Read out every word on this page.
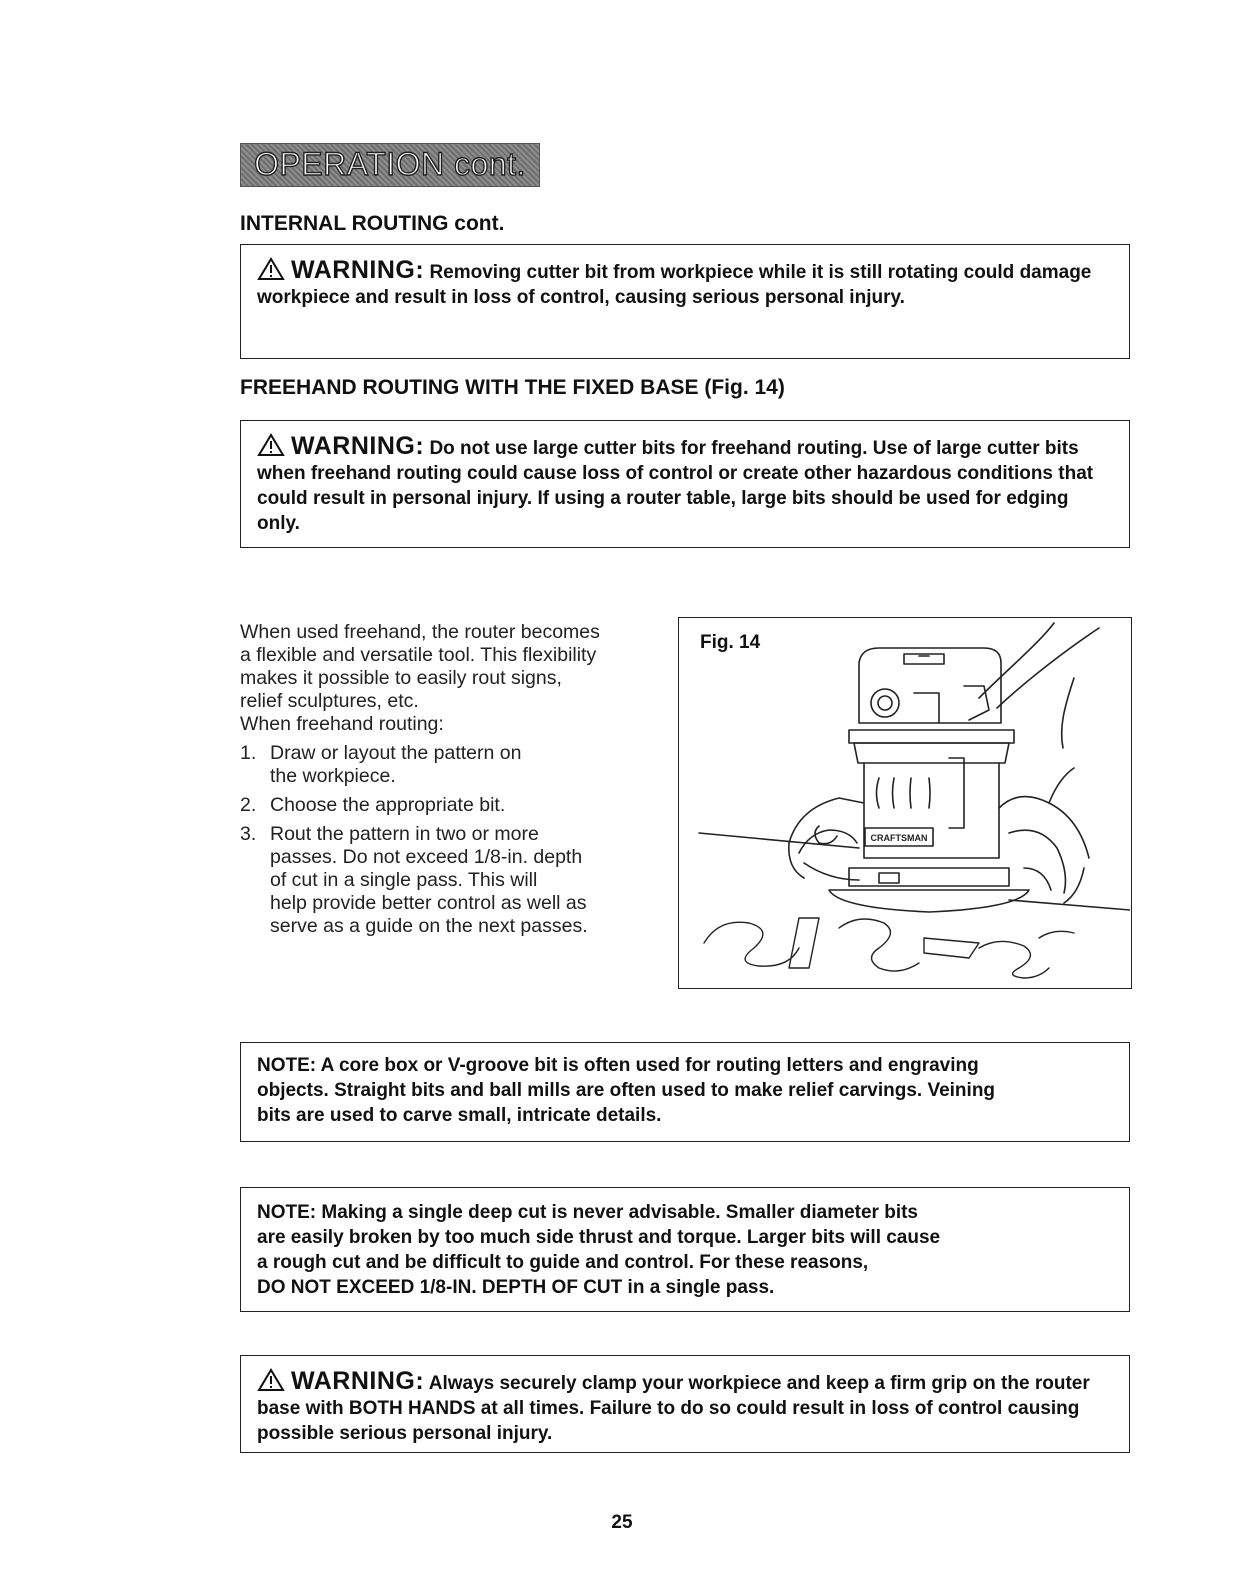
OPERATION cont.
INTERNAL ROUTING cont.
WARNING: Removing cutter bit from workpiece while it is still rotating could damage workpiece and result in loss of control, causing serious personal injury.
FREEHAND ROUTING WITH THE FIXED BASE (Fig. 14)
WARNING: Do not use large cutter bits for freehand routing. Use of large cutter bits when freehand routing could cause loss of control or create other hazardous conditions that could result in personal injury. If using a router table, large bits should be used for edging only.
When used freehand, the router becomes
a flexible and versatile tool. This flexibility
makes it possible to easily rout signs,
relief sculptures, etc.
When freehand routing:
1. Draw or layout the pattern on
the workpiece.
2. Choose the appropriate bit.
3. Rout the pattern in two or more
passes. Do not exceed 1/8-in. depth
of cut in a single pass. This will
help provide better control as well as
serve as a guide on the next passes.
Fig. 14
CRAFTSMAN
SIGNS
NOTE: A core box or V-groove bit is often used for routing letters and engraving
objects. Straight bits and ball mills are often used to make relief carvings. Veining
bits are used to carve small, intricate details.
NOTE: Making a single deep cut is never advisable. Smaller diameter bits
are easily broken by too much side thrust and torque. Larger bits will cause
a rough cut and be difficult to guide and control. For these reasons,
DO NOT EXCEED 1/8-IN. DEPTH OF CUT in a single pass.
WARNING: Always securely clamp your workpiece and keep a firm grip on the router base with BOTH HANDS at all times. Failure to do so could result in loss of control causing possible serious personal injury.
25
